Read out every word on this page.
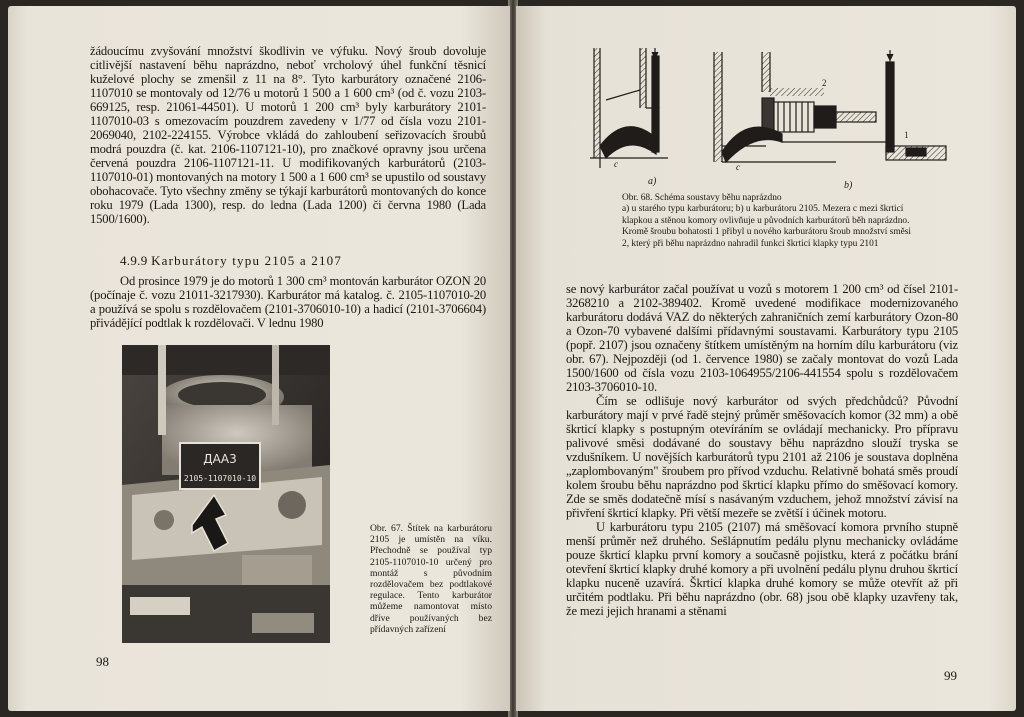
žádoucímu zvyšování množství škodlivin ve výfuku. Nový šroub dovoluje citlivější nastavení běhu naprázdno, neboť vrcholový úhel funkční těsnicí kuželové plochy se zmenšil z 11 na 8°. Tyto karburátory označené 2106-1107010 se montovaly od 12/76 u motorů 1 500 a 1 600 cm³ (od č. vozu 2103-669125, resp. 21061-44501). U motorů 1 200 cm³ byly karburátory 2101-1107010-03 s omezovacím pouzdrem zavedeny v 1/77 od čísla vozu 2101-2069040, 2102-224155. Výrobce vkládá do zahloubení seřizovacích šroubů modrá pouzdra (č. kat. 2106-1107121-10), pro značkové opravny jsou určena červená pouzdra 2106-1107121-11. U modifikovaných karburátorů (2103-1107010-01) montovaných na motory 1 500 a 1 600 cm³ se upustilo od soustavy obohacovače. Tyto všechny změny se týkají karburátorů montovaných do konce roku 1979 (Lada 1300), resp. do ledna (Lada 1200) či června 1980 (Lada 1500/1600).

4.9.9 Karburátory typu 2105 a 2107

Od prosince 1979 je do motorů 1 300 cm³ montován karburátor OZON 20 (počínaje č. vozu 21011-3217930). Karburátor má katalog. č. 2105-1107010-20 a používá se spolu s rozdělovačem (2101-3706010-10) a hadicí (2101-3706604) přivádějící podtlak k rozdělovači. V lednu 1980

ДАА3
2105-1107010-10
Obr. 67. Štítek na karburátoru 2105 je umístěn na víku. Přechodně se používal typ 2105-1107010-10 určený pro montáž s původním rozdělovačem bez podtlakové regulace. Tento karburátor můžeme namontovat místo dříve používaných bez přídavných zařízení
98
1
c
a)
2
1
c
b)

Obr. 68. Schéma soustavy běhu naprázdno

a) u starého typu karburátoru; b) u karburátoru 2105. Mezera c mezi škrticí klapkou a stěnou komory ovlivňuje u původních karburátorů běh naprázdno. Kromě šroubu bohatosti 1 přibyl u nového karburátoru šroub množství směsi 2, který při běhu naprázdno nahradil funkci škrticí klapky typu 2101

se nový karburátor začal používat u vozů s motorem 1 200 cm³ od čísel 2101-3268210 a 2102-389402. Kromě uvedené modifikace modernizovaného karburátoru dodává VAZ do některých zahraničních zemí karburátory Ozon-80 a Ozon-70 vybavené dalšími přídavnými soustavami. Karburátory typu 2105 (popř. 2107) jsou označeny štítkem umístěným na horním dílu karburátoru (viz obr. 67). Nejpozději (od 1. července 1980) se začaly montovat do vozů Lada 1500/1600 od čísla vozu 2103-1064955/2106-441554 spolu s rozdělovačem 2103-3706010-10.

Čím se odlišuje nový karburátor od svých předchůdců? Původní karburátory mají v prvé řadě stejný průměr směšovacích komor (32 mm) a obě škrticí klapky s postupným otevíráním se ovládají mechanicky. Pro přípravu palivové směsi dodávané do soustavy běhu naprázdno slouží tryska se vzdušníkem. U novějších karburátorů typu 2101 až 2106 je soustava doplněna „zaplombovaným" šroubem pro přívod vzduchu. Relativně bohatá směs proudí kolem šroubu běhu naprázdno pod škrticí klapku přímo do směšovací komory. Zde se směs dodatečně mísí s nasávaným vzduchem, jehož množství závisí na přivření škrticí klapky. Při větší mezeře se zvětší i účinek motoru.

U karburátoru typu 2105 (2107) má směšovací komora prvního stupně menší průměr než druhého. Sešlápnutím pedálu plynu mechanicky ovládáme pouze škrticí klapku první komory a současně pojistku, která z počátku brání otevření škrticí klapky druhé komory a při uvolnění pedálu plynu druhou škrticí klapku nuceně uzavírá. Škrticí klapka druhé komory se může otevřít až při určitém podtlaku. Při běhu naprázdno (obr. 68) jsou obě klapky uzavřeny tak, že mezi jejich hranami a stěnami

99
